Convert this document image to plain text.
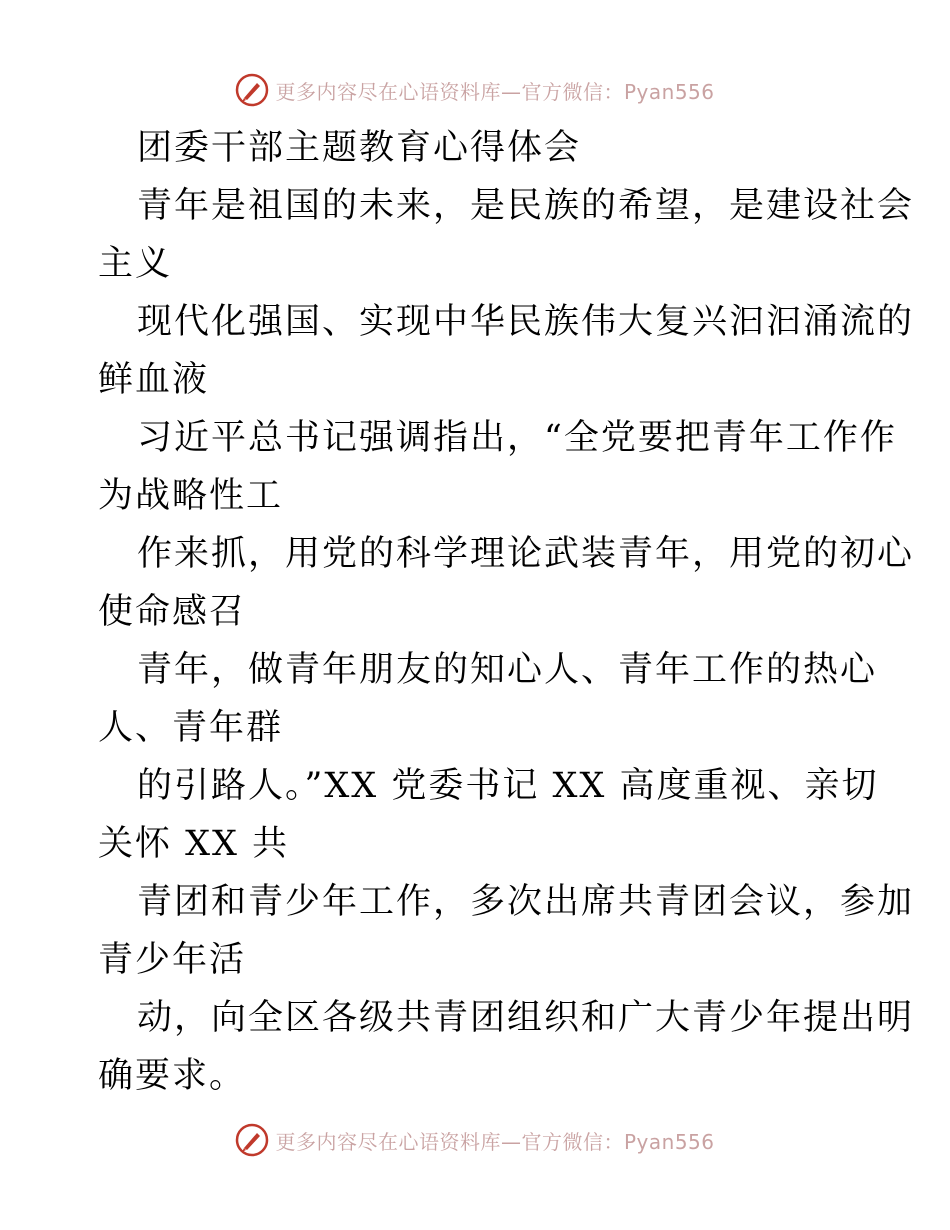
更多内容尽在心语资料库—官方微信：Pyan556
团委干部主题教育心得体会
青年是祖国的未来，是民族的希望，是建设社会
主义
现代化强国、实现中华民族伟大复兴汩汩涌流的
鲜血液
习近平总书记强调指出，“全党要把青年工作作
为战略性工
作来抓，用党的科学理论武装青年，用党的初心
使命感召
青年，做青年朋友的知心人、青年工作的热心
人、青年群
的引路人。”XX 党委书记 XX 高度重视、亲切
关怀 XX 共
青团和青少年工作，多次出席共青团会议，参加
青少年活
动，向全区各级共青团组织和广大青少年提出明
确要求。
更多内容尽在心语资料库—官方微信：Pyan556
